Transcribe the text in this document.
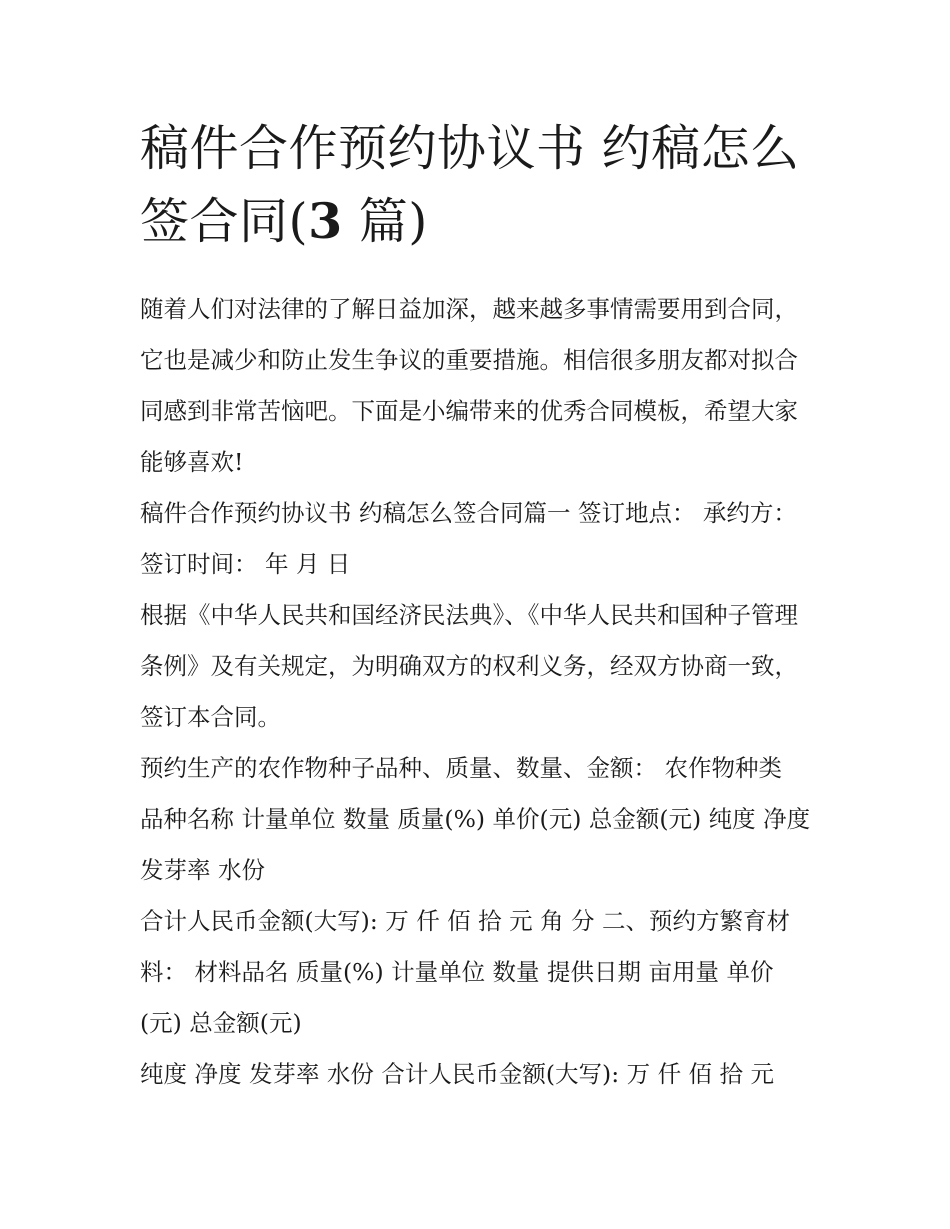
稿件合作预约协议书 约稿怎么签合同(3 篇)

随着人们对法律的了解日益加深，越来越多事情需要用到合同，它也是减少和防止发生争议的重要措施。相信很多朋友都对拟合同感到非常苦恼吧。下面是小编带来的优秀合同模板，希望大家能够喜欢!

稿件合作预约协议书 约稿怎么签合同篇一 签订地点： 承约方：签订时间： 年 月 日

根据《中华人民共和国经济民法典》、《中华人民共和国种子管理条例》及有关规定，为明确双方的权利义务，经双方协商一致，签订本合同。

预约生产的农作物种子品种、质量、数量、金额： 农作物种类 品种名称 计量单位 数量 质量(%) 单价(元) 总金额(元) 纯度 净度 发芽率 水份

合计人民币金额(大写): 万 仟 佰 拾 元 角 分 二、预约方繁育材料： 材料品名 质量(%) 计量单位 数量 提供日期 亩用量 单价(元) 总金额(元)

纯度 净度 发芽率 水份 合计人民币金额(大写): 万 仟 佰 拾 元
